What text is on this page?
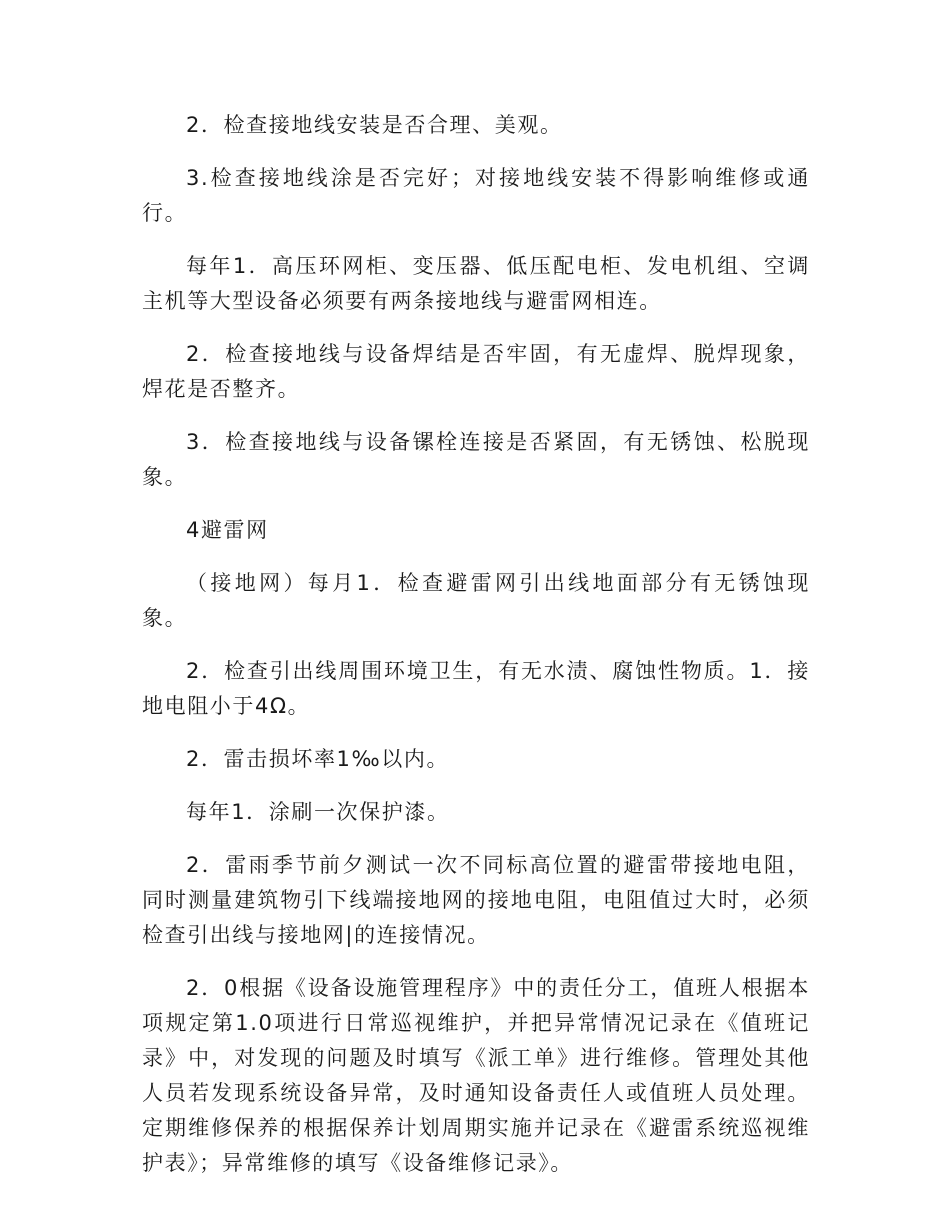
2．检查接地线安装是否合理、美观。

3.检查接地线涂是否完好；对接地线安装不得影响维修或通行。

每年1．高压环网柜、变压器、低压配电柜、发电机组、空调主机等大型设备必须要有两条接地线与避雷网相连。

2．检查接地线与设备焊结是否牢固，有无虚焊、脱焊现象，焊花是否整齐。

3．检查接地线与设备镙栓连接是否紧固，有无锈蚀、松脱现象。

4避雷网

（接地网）每月1．检查避雷网引出线地面部分有无锈蚀现象。

2．检查引出线周围环境卫生，有无水渍、腐蚀性物质。1．接地电阻小于4Ω。

2．雷击损坏率1‰以内。

每年1．涂刷一次保护漆。

2．雷雨季节前夕测试一次不同标高位置的避雷带接地电阻，同时测量建筑物引下线端接地网的接地电阻，电阻值过大时，必须检查引出线与接地网|的连接情况。

2．0根据《设备设施管理程序》中的责任分工，值班人根据本项规定第1.0项进行日常巡视维护，并把异常情况记录在《值班记录》中，对发现的问题及时填写《派工单》进行维修。管理处其他人员若发现系统设备异常，及时通知设备责任人或值班人员处理。定期维修保养的根据保养计划周期实施并记录在《避雷系统巡视维护表》；异常维修的填写《设备维修记录》。
